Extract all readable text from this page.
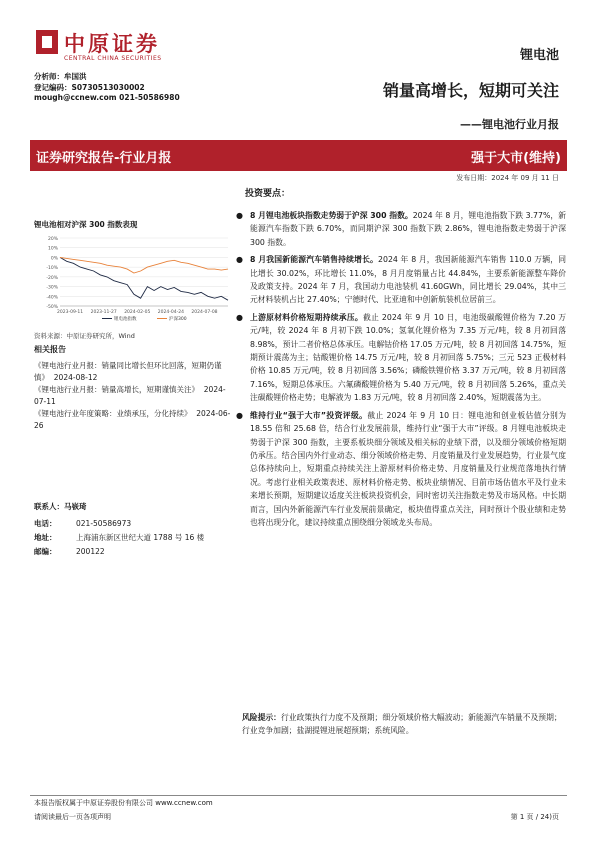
中原证券
CENTRAL CHINA SECURITIES	锂电池
分析师：牟国洪
登记编码：S0730513030002
mough@ccnew.com 021-50586980	销量高增长，短期可关注
——锂电池行业月报
证券研究报告-行业月报	强于大市(维持)
发布日期：2024 年 09 月 11 日
锂电池相对沪深 300 指数表现
20%
10%
0%
-10%
-20%
-30%
-40%
-50%
2023-09-11 2023-11-27 2024-02-05 2024-04-24 2024-07-08
锂电池指数	沪深300
资料来源：中原证券研究所，Wind
相关报告
《锂电池行业月报：销量同比增长但环比回落，短期仍谨慎》 2024-08-12
《锂电池行业月报：销量高增长，短期谨慎关注》 2024-07-11
《锂电池行业年度策略：业绩承压，分化持续》 2024-06-26
联系人： 马嵚琦
电话：	021-50586973
地址：	上海浦东新区世纪大道 1788 号 16 楼
邮编：	200122
投资要点：
● 8 月锂电池板块指数走势弱于沪深 300 指数。2024 年 8 月，锂电池指数下跌 3.77%，新能源汽车指数下跌 6.70%，而同期沪深 300 指数下跌 2.86%，锂电池指数走势弱于沪深 300 指数。
● 8 月我国新能源汽车销售持续增长。2024 年 8 月，我国新能源汽车销售 110.0 万辆，同比增长 30.02%，环比增长 11.0%，8 月月度销量占比 44.84%，主要系新能源整车降价及政策支持。2024 年 7 月，我国动力电池装机 41.60GWh，同比增长 29.04%，其中三元材料装机占比 27.40%；宁德时代、比亚迪和中创新航装机位居前三。
● 上游原材料价格短期持续承压。截止 2024 年 9 月 10 日，电池级碳酸锂价格为 7.20 万元/吨，较 2024 年 8 月初下跌 10.0%；氢氧化锂价格为 7.35 万元/吨，较 8 月初回落 8.98%，预计二者价格总体承压。电解钴价格 17.05 万元/吨，较 8 月初回落 14.75%，短期预计震荡为主；钴酸锂价格 14.75 万元/吨，较 8 月初回落 5.75%；三元 523 正极材料价格 10.85 万元/吨，较 8 月初回落 3.56%；磷酸铁锂价格 3.37 万元/吨，较 8 月初回落 7.16%，短期总体承压。六氟磷酸锂价格为 5.40 万元/吨，较 8 月初回落 5.26%，重点关注碳酸锂价格走势；电解液为 1.83 万元/吨，较 8 月初回落 2.40%，短期震荡为主。
● 维持行业“强于大市”投资评级。截止 2024 年 9 月 10 日：锂电池和创业板估值分别为 18.55 倍和 25.68 倍，结合行业发展前景，维持行业“强于大市”评级。8 月锂电池板块走势弱于沪深 300 指数，主要系板块细分领域及相关标的业绩下滑，以及细分领域价格短期仍承压。结合国内外行业动态、细分领域价格走势、月度销量及行业发展趋势，行业景气度总体持续向上，短期重点持续关注上游原材料价格走势、月度销量及行业规范落地执行情况。考虑行业相关政策表述、原材料价格走势、板块业绩情况、目前市场估值水平及行业未来增长预期，短期建议适度关注板块投资机会，同时密切关注指数走势及市场风格。中长期而言，国内外新能源汽车行业发展前景确定，板块值得重点关注，同时预计个股业绩和走势也将出现分化，建议持续重点围绕细分领域龙头布局。
风险提示：行业政策执行力度不及预期；细分领域价格大幅波动；新能源汽车销量不及预期；行业竞争加剧；盐湖提锂进展超预期；系统风险。
本报告版权属于中原证券股份有限公司 www.ccnew.com
请阅读最后一页各项声明	第 1 页 / 24)页
